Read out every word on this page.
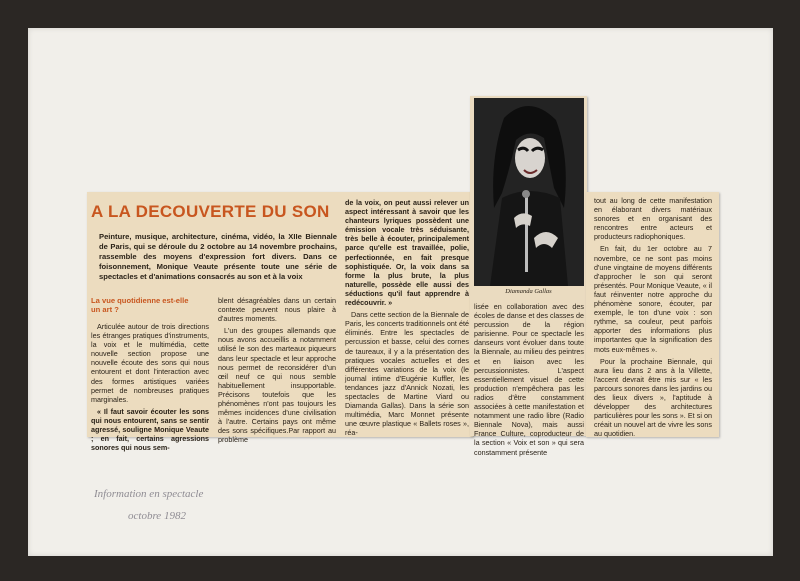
A LA DECOUVERTE DU SON
Peinture, musique, architecture, cinéma, vidéo, la XIIe Biennale de Paris, qui se déroule du 2 octobre au 14 novembre prochains, rassemble des moyens d'expression fort divers. Dans ce foisonnement, Monique Veaute présente toute une série de spectacles et d'animations consacrés au son et à la voix
La vue quotidienne est-elle un art ?

Articulée autour de trois directions les étranges pratiques d'instruments, la voix et le multimédia, cette nouvelle section propose une nouvelle écoute des sons qui nous entourent et dont l'interaction avec des formes artistiques variées permet de nombreuses pratiques marginales.

« Il faut savoir écouter les sons qui nous entourent, sans se sentir agressé, souligne Monique Veaute ; en fait, certains agressions sonores qui nous sem-

blent désagréables dans un certain contexte peuvent nous plaire à d'autres moments.

L'un des groupes allemands que nous avons accueillis a notamment utilisé le son des marteaux piqueurs dans leur spectacle et leur approche nous permet de reconsidérer d'un œil neuf ce qui nous semble habituellement insupportable. Précisons toutefois que les phénomènes n'ont pas toujours les mêmes incidences d'une civilisation à l'autre. Certains pays ont même des sons spécifiques.Par rapport au problème

de la voix, on peut aussi relever un aspect intéressant à savoir que les chanteurs lyriques possèdent une émission vocale très séduisante, très belle à écouter, principalement parce qu'elle est travaillée, polie, perfectionnée, en fait presque sophistiquée. Or, la voix dans sa forme la plus brute, la plus naturelle, possède elle aussi des séductions qu'il faut apprendre à redécouvrir. »

Dans cette section de la Biennale de Paris, les concerts traditionnels ont été éliminés. Entre les spectacles de percussion et basse, celui des cornes de taureaux, il y a la présentation des pratiques vocales actuelles et des différentes variations de la voix (le journal intime d'Eugénie Kuffler, les tendances jazz d'Annick Nozati, les spectacles de Martine Viard ou Diamanda Gallas). Dans la série son multimédia, Marc Monnet présente une œuvre plastique « Ballets roses », réa-

Diamanda Gallas

lisée en collaboration avec des écoles de danse et des classes de percussion de la région parisienne. Pour ce spectacle les danseurs vont évoluer dans toute la Biennale, au milieu des peintres et en liaison avec les percussionnistes. L'aspect essentiellement visuel de cette production n'empêchera pas les radios d'être constamment associées à cette manifestation et notamment une radio libre (Radio Biennale Nova), mais aussi France Culture, coproducteur de la section « Voix et son » qui sera constamment présente

tout au long de cette manifestation en élaborant divers matériaux sonores et en organisant des rencontres entre acteurs et producteurs radiophoniques.

En fait, du 1er octobre au 7 novembre, ce ne sont pas moins d'une vingtaine de moyens différents d'approcher le son qui seront présentés. Pour Monique Veaute, « il faut réinventer notre approche du phénomène sonore, écouter, par exemple, le ton d'une voix : son rythme, sa couleur, peut parfois apporter des informations plus importantes que la signification des mots eux-mêmes ».

Pour la prochaine Biennale, qui aura lieu dans 2 ans à la Villette, l'accent devrait être mis sur « les parcours sonores dans les jardins ou des lieux divers », l'aptitude à développer des architectures particulières pour les sons ». Et si on créait un nouvel art de vivre les sons au quotidien.

Information en spectacle
octobre 1982
